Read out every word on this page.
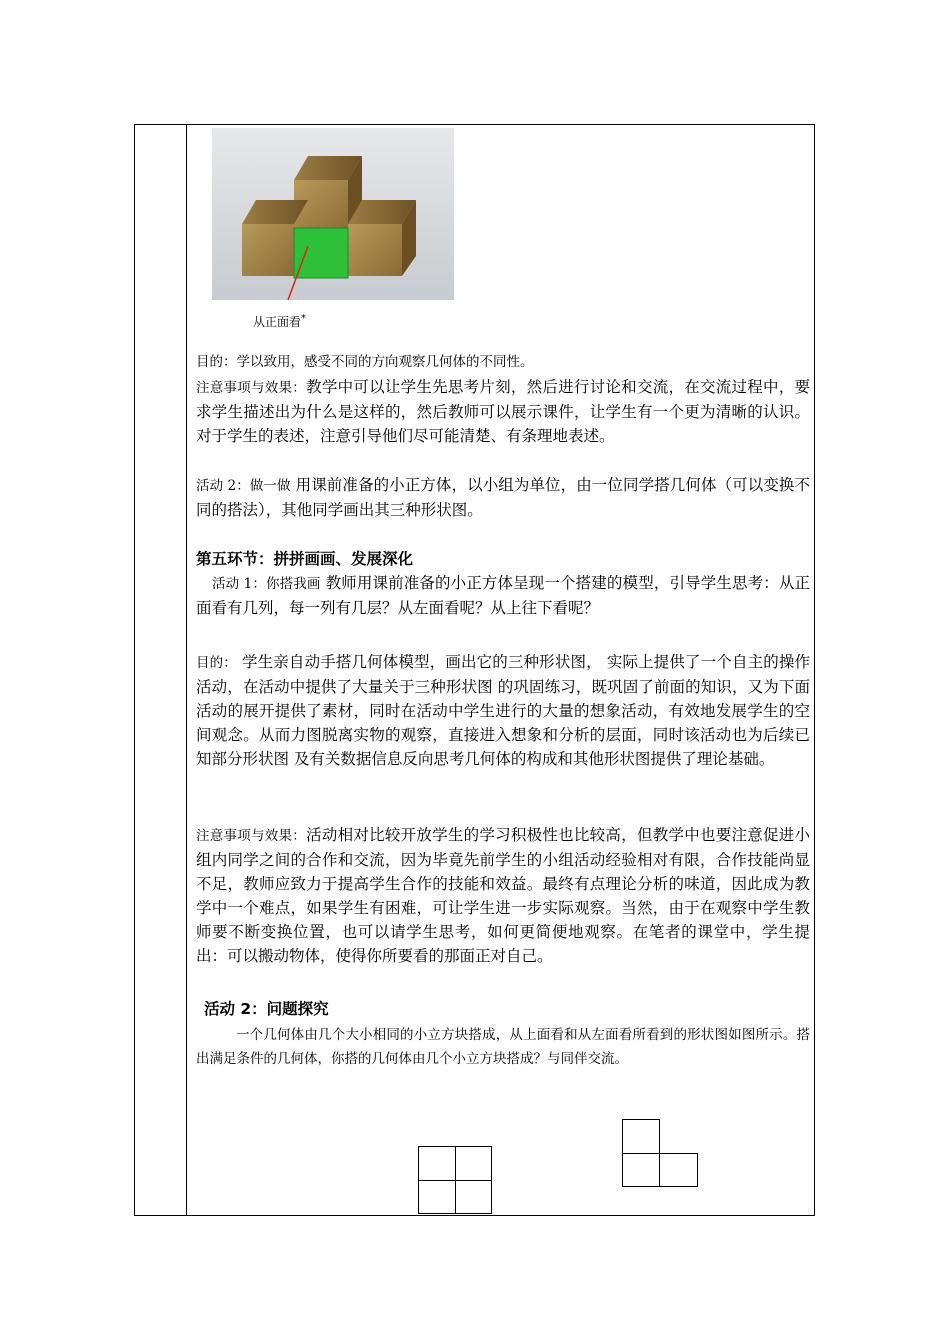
从正面看*
目的：学以致用，感受不同的方向观察几何体的不同性。
注意事项与效果：教学中可以让学生先思考片刻，然后进行讨论和交流，在交流过程中，要求学生描述出为什么是这样的，然后教师可以展示课件，让学生有一个更为清晰的认识。对于学生的表述，注意引导他们尽可能清楚、有条理地表述。
活动 2：做一做 用课前准备的小正方体，以小组为单位，由一位同学搭几何体（可以变换不同的搭法），其他同学画出其三种形状图。
第五环节：拼拼画画、发展深化
活动 1：你搭我画 教师用课前准备的小正方体呈现一个搭建的模型，引导学生思考：从正面看有几列，每一列有几层？从左面看呢？从上往下看呢？
目的： 学生亲自动手搭几何体模型，画出它的三种形状图， 实际上提供了一个自主的操作活动，在活动中提供了大量关于三种形状图 的巩固练习，既巩固了前面的知识，又为下面活动的展开提供了素材，同时在活动中学生进行的大量的想象活动，有效地发展学生的空间观念。从而力图脱离实物的观察，直接进入想象和分析的层面，同时该活动也为后续已知部分形状图 及有关数据信息反向思考几何体的构成和其他形状图提供了理论基础。
注意事项与效果：活动相对比较开放学生的学习积极性也比较高，但教学中也要注意促进小组内同学之间的合作和交流，因为毕竟先前学生的小组活动经验相对有限，合作技能尚显不足，教师应致力于提高学生合作的技能和效益。最终有点理论分析的味道，因此成为教学中一个难点，如果学生有困难，可让学生进一步实际观察。当然，由于在观察中学生教师要不断变换位置，也可以请学生思考，如何更简便地观察。在笔者的课堂中，学生提出：可以搬动物体，使得你所要看的那面正对自己。
活动 2：问题探究
一个几何体由几个大小相同的小立方块搭成，从上面看和从左面看所看到的形状图如图所示。搭出满足条件的几何体，你搭的几何体由几个小立方块搭成？与同伴交流。
